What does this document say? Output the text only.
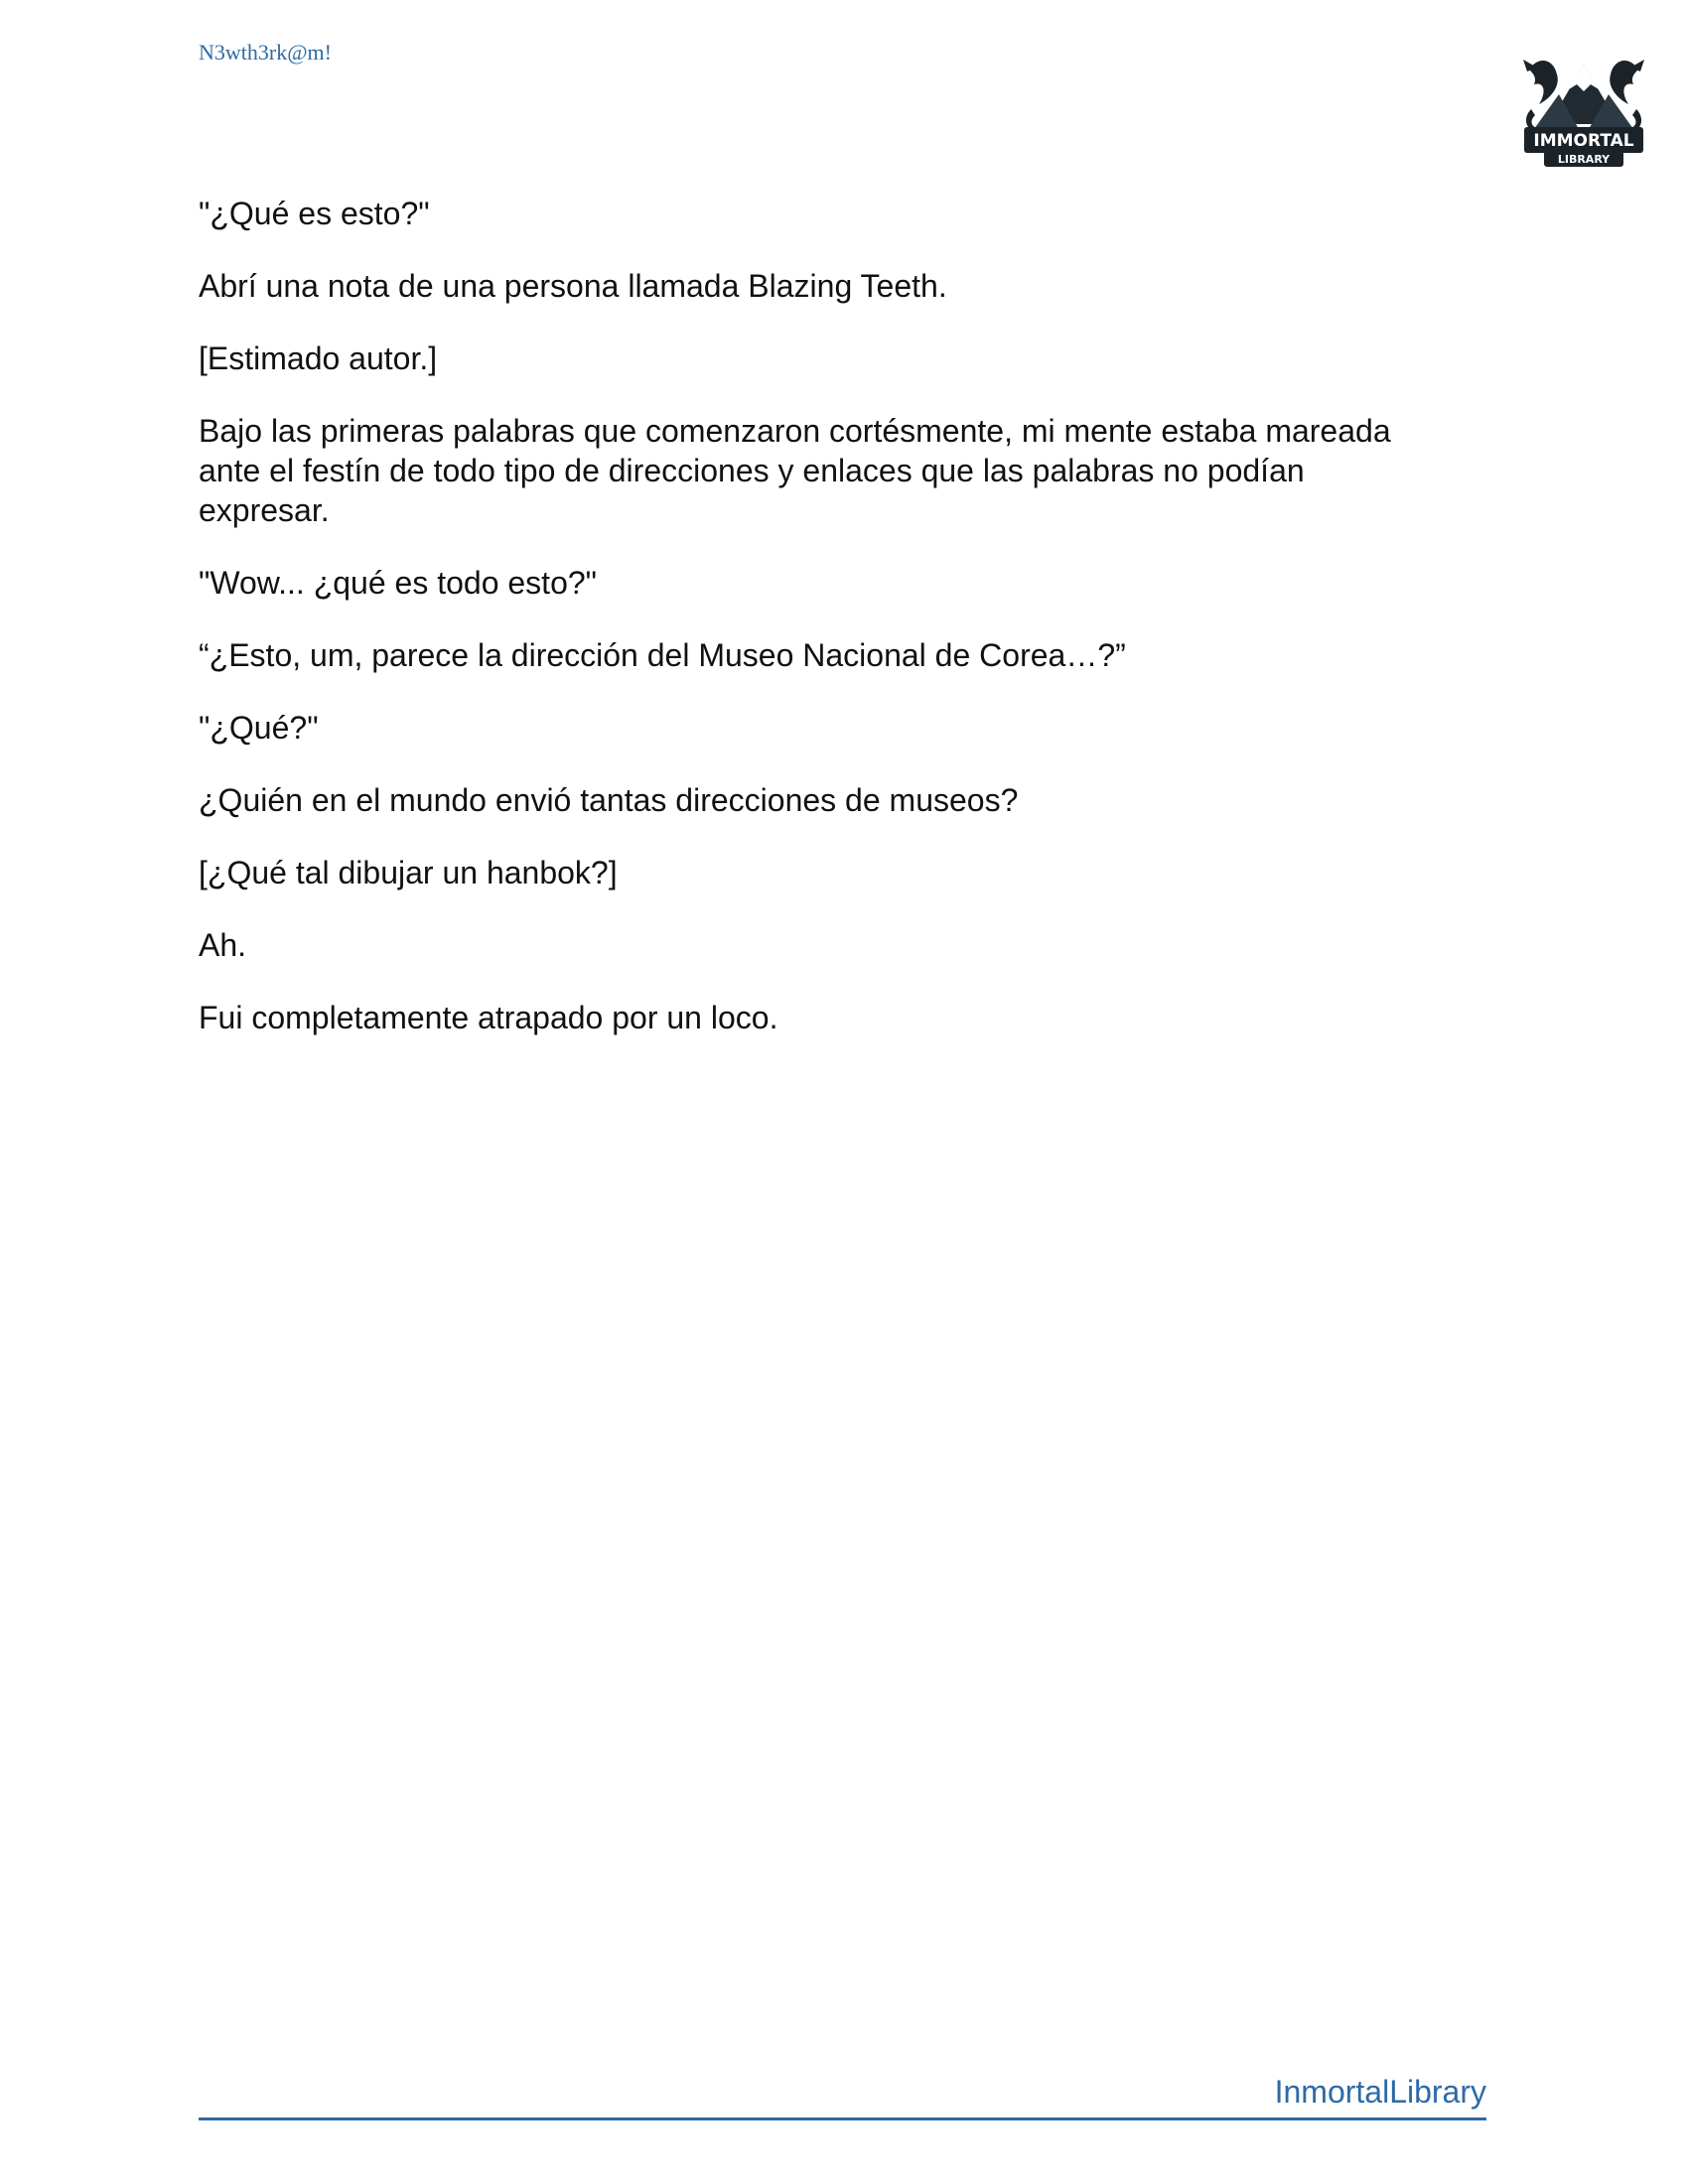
N3wth3rk@m!
IMMORTAL
LIBRARY

"¿Qué es esto?"

Abrí una nota de una persona llamada Blazing Teeth.

[Estimado autor.]

Bajo las primeras palabras que comenzaron cortésmente, mi mente estaba mareada
ante el festín de todo tipo de direcciones y enlaces que las palabras no podían
expresar.

"Wow... ¿qué es todo esto?"

“¿Esto, um, parece la dirección del Museo Nacional de Corea…?”

"¿Qué?"

¿Quién en el mundo envió tantas direcciones de museos?

[¿Qué tal dibujar un hanbok?]

Ah.

Fui completamente atrapado por un loco.

InmortalLibrary
